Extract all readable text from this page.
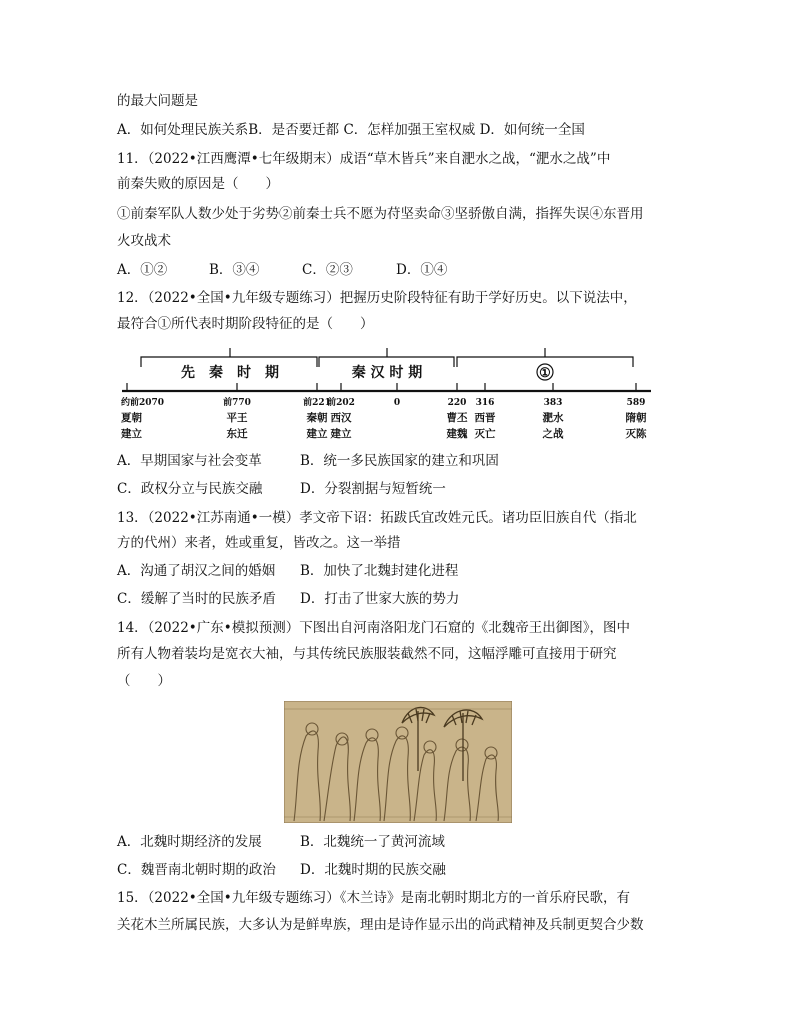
的最大问题是
A．如何处理民族关系B．是否要迁都 C．怎样加强王室权威 D．如何统一全国
11．（2022•江西鹰潭•七年级期末）成语“草木皆兵”来自淝水之战，“淝水之战”中
前秦失败的原因是（　　）
①前秦军队人数少处于劣势②前秦士兵不愿为苻坚卖命③坚骄傲自满，指挥失误④东晋用
火攻战术
A．①②	B．③④	C．②③	D．①④
12．（2022•全国•九年级专题练习）把握历史阶段特征有助于学好历史。以下说法中，
最符合①所代表时期阶段特征的是（　　）
先　秦　时　期	秦 汉 时 期	①
约前2070
夏朝
建立
前770
平王
东迁
前221
秦朝
建立
前202
西汉
建立
0	220
曹丕
建魏
316
西晋
灭亡
383
淝水
之战
589
隋朝
灭陈
A．早期国家与社会变革	B．统一多民族国家的建立和巩固
C．政权分立与民族交融	D．分裂割据与短暂统一
13．（2022•江苏南通•一模）孝文帝下诏：拓跋氏宜改姓元氏。诸功臣旧族自代（指北
方的代州）来者，姓或重复，皆改之。这一举措
A．沟通了胡汉之间的婚姻 B．加快了北魏封建化进程
C．缓解了当时的民族矛盾 D．打击了世家大族的势力
14．（2022•广东•模拟预测）下图出自河南洛阳龙门石窟的《北魏帝王出御图》，图中
所有人物着装均是宽衣大袖，与其传统民族服装截然不同，这幅浮雕可直接用于研究
（　　）
A．北魏时期经济的发展	B．北魏统一了黄河流域
C．魏晋南北朝时期的政治 D．北魏时期的民族交融
15．（2022•全国•九年级专题练习）《木兰诗》是南北朝时期北方的一首乐府民歌，有
关花木兰所属民族，大多认为是鲜卑族，理由是诗作显示出的尚武精神及兵制更契合少数
